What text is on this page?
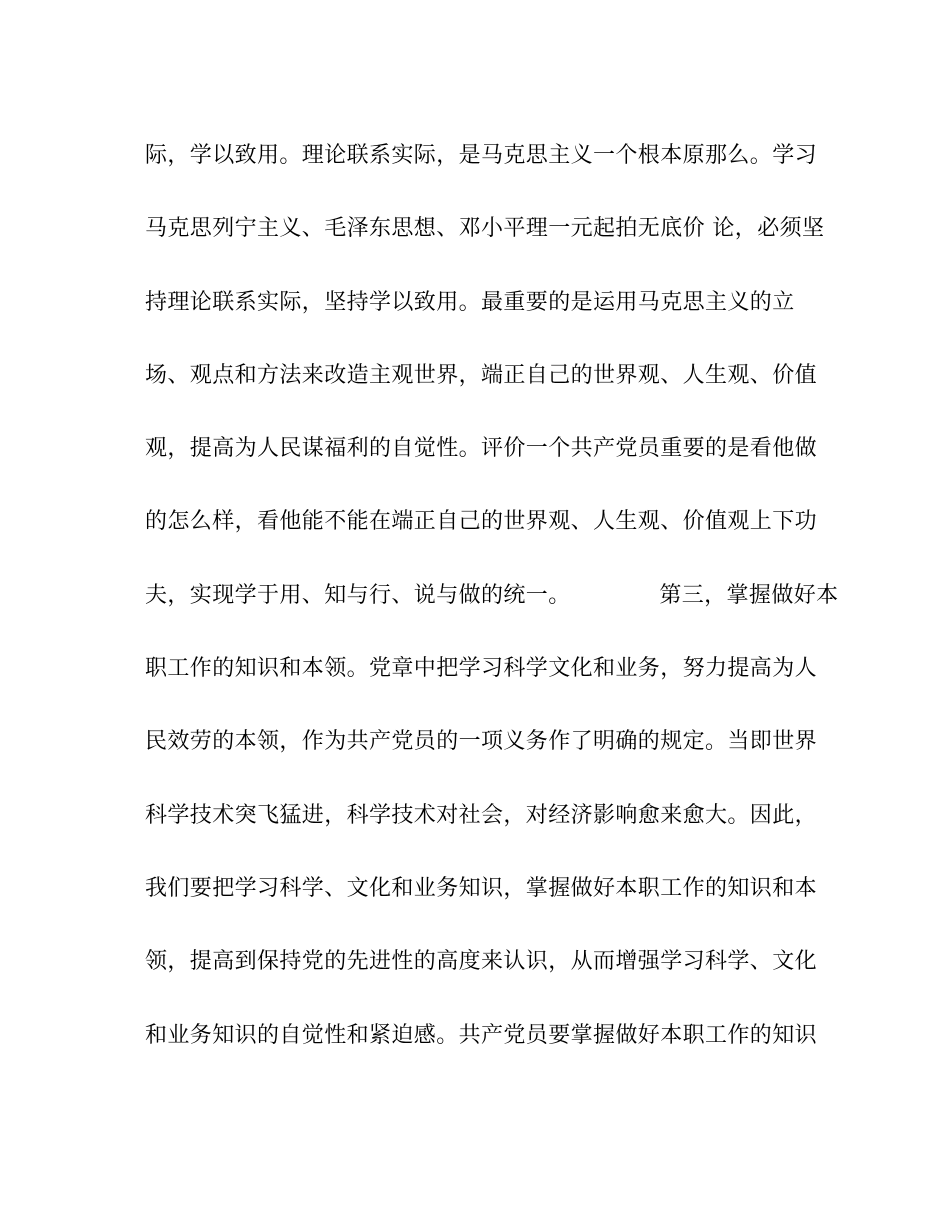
际，学以致用。理论联系实际，是马克思主义一个根本原那么。学习
马克思列宁主义、毛泽东思想、邓小平理一元起拍无底价 论，必须坚
持理论联系实际，坚持学以致用。最重要的是运用马克思主义的立
场、观点和方法来改造主观世界，端正自己的世界观、人生观、价值
观，提高为人民谋福利的自觉性。评价一个共产党员重要的是看他做
的怎么样，看他能不能在端正自己的世界观、人生观、价值观上下功
夫，实现学于用、知与行、说与做的统一。            第三，掌握做好本
职工作的知识和本领。党章中把学习科学文化和业务，努力提高为人
民效劳的本领，作为共产党员的一项义务作了明确的规定。当即世界
科学技术突飞猛进，科学技术对社会，对经济影响愈来愈大。因此，
我们要把学习科学、文化和业务知识，掌握做好本职工作的知识和本
领，提高到保持党的先进性的高度来认识，从而增强学习科学、文化
和业务知识的自觉性和紧迫感。共产党员要掌握做好本职工作的知识
